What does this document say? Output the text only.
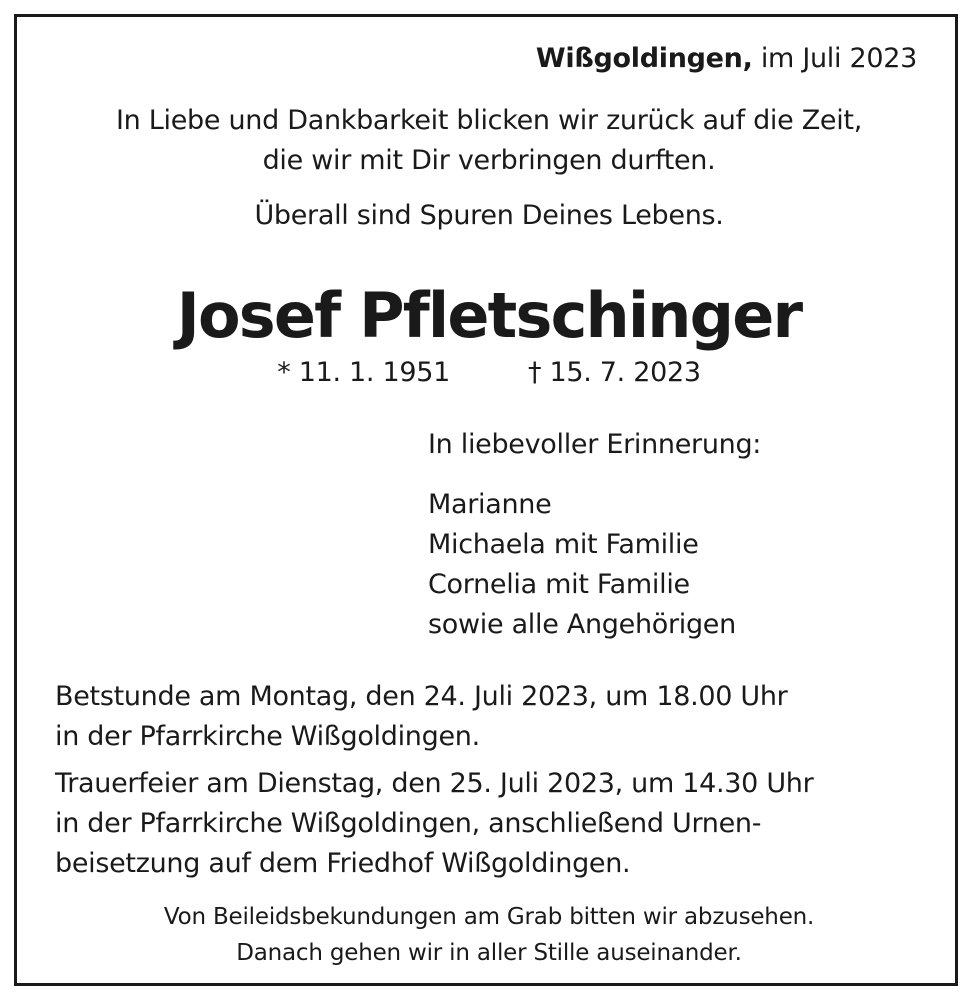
Wißgoldingen, im Juli 2023

In Liebe und Dankbarkeit blicken wir zurück auf die Zeit,

die wir mit Dir verbringen durften.

Überall sind Spuren Deines Lebens.

Josef Pfletschinger

* 11. 1. 1951	† 15. 7. 2023

In liebevoller Erinnerung:

Marianne
Michaela mit Familie
Cornelia mit Familie
sowie alle Angehörigen
Betstunde am Montag, den 24. Juli 2023, um 18.00 Uhr
in der Pfarrkirche Wißgoldingen.
Trauerfeier am Dienstag, den 25. Juli 2023, um 14.30 Uhr
in der Pfarrkirche Wißgoldingen, anschließend Urnen-
beisetzung auf dem Friedhof Wißgoldingen.
Von Beileidsbekundungen am Grab bitten wir abzusehen.
Danach gehen wir in aller Stille auseinander.
